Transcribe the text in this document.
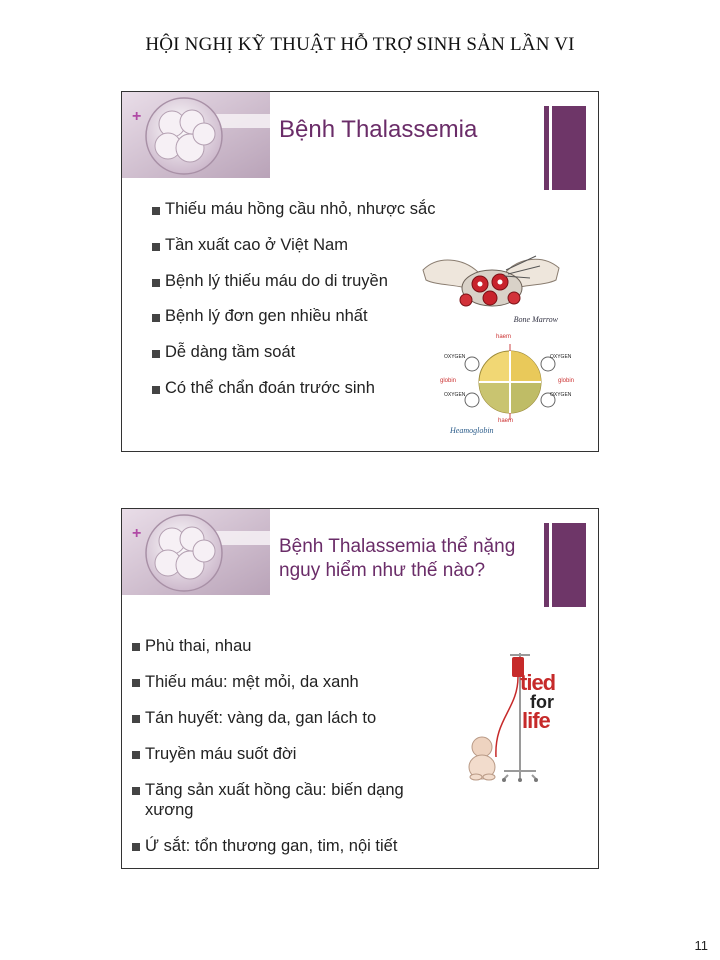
HỘI NGHỊ KỸ THUẬT HỖ TRỢ SINH SẢN LẦN VI
+	Bệnh Thalassemia
Thiếu máu hồng cầu nhỏ, nhược sắc
Tần xuất cao ở Việt Nam
Bệnh lý thiếu máu do di truyền
Bệnh lý đơn gen nhiều nhất
Dễ dàng tầm soát
Có thể chẩn đoán trước sinh
Bone Marrow
haem
OXYGEN	OXYGEN
globin	globin
OXYGEN	OXYGEN
haem
Heamoglobin
+
Bệnh Thalassemia thể nặng nguy hiểm như thế nào?
Phù thai, nhau
Thiếu máu: mệt mỏi, da xanh
Tán huyết: vàng da, gan lách to
Truyền máu suốt đời
Tăng sản xuất hồng cầu: biến dạng xương
Ứ sắt: tổn thương gan, tim, nội tiết
tied
for
life
11
